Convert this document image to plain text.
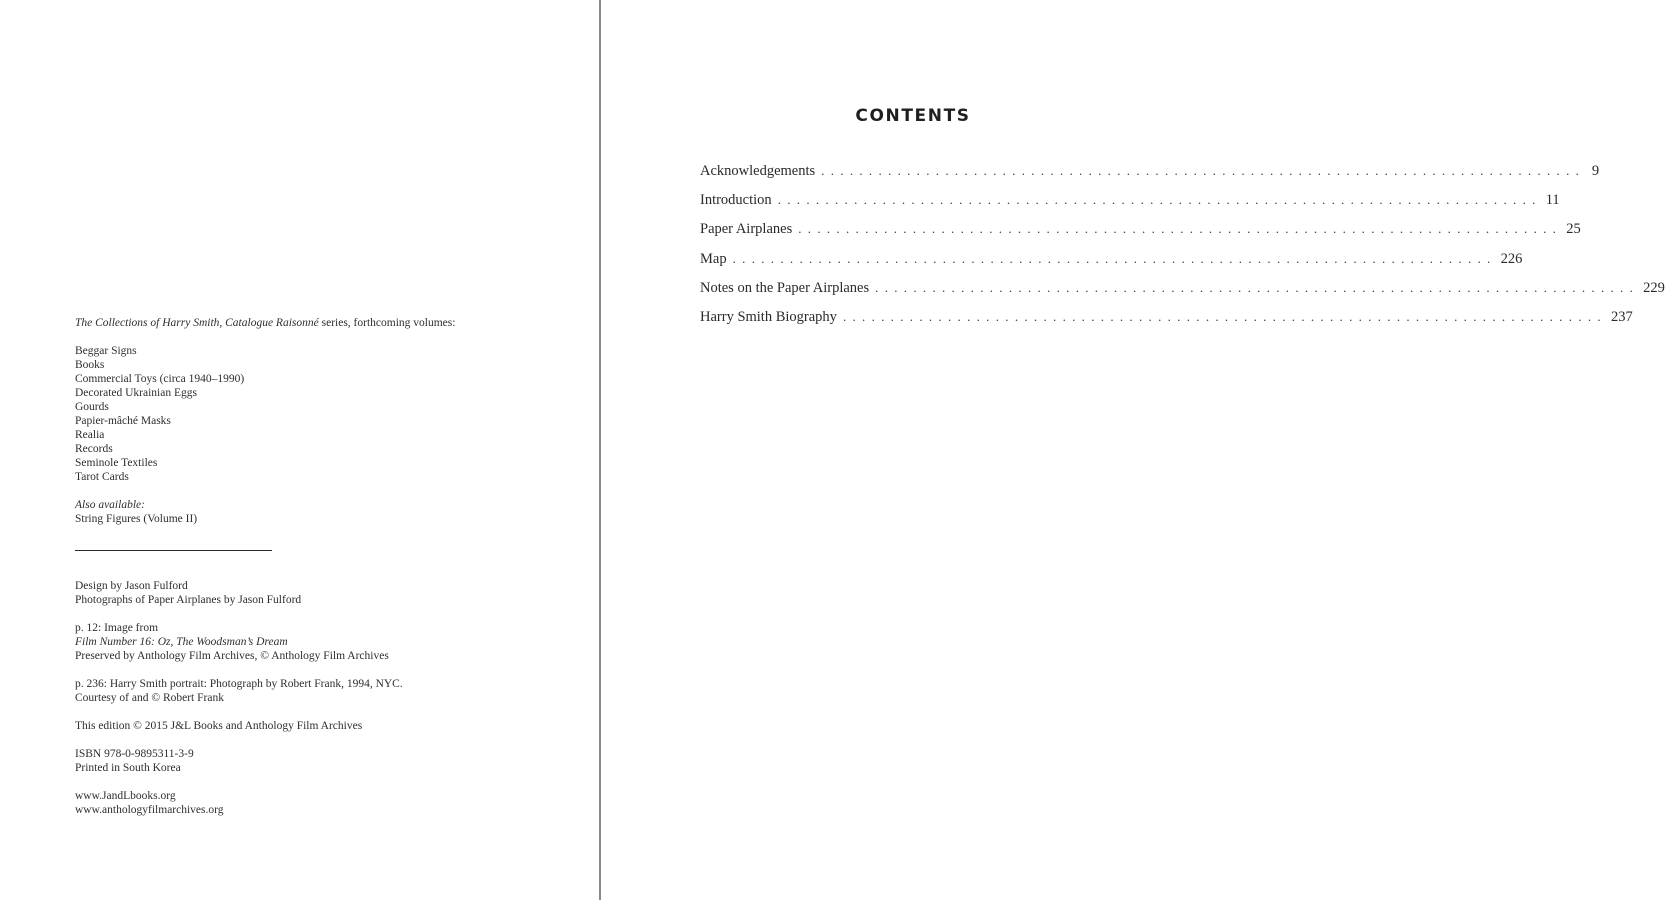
The Collections of Harry Smith, Catalogue Raisonné series, forthcoming volumes:

Beggar Signs
Books
Commercial Toys (circa 1940–1990)
Decorated Ukrainian Eggs
Gourds
Papier-mâché Masks
Realia
Records
Seminole Textiles
Tarot Cards
Also available:
String Figures (Volume II)
Design by Jason Fulford
Photographs of Paper Airplanes by Jason Fulford
p. 12: Image from
Film Number 16: Oz, The Woodsman’s Dream
Preserved by Anthology Film Archives, © Anthology Film Archives
p. 236: Harry Smith portrait: Photograph by Robert Frank, 1994, NYC.
Courtesy of and © Robert Frank
This edition © 2015 J&L Books and Anthology Film Archives
ISBN 978-0-9895311-3-9
Printed in South Korea
www.JandLbooks.org
www.anthologyfilmarchives.org
CONTENTS
Acknowledgements ................................................................................ 9
Introduction ................................................................................ 11
Paper Airplanes ................................................................................ 25
Map ................................................................................ 226
Notes on the Paper Airplanes ................................................................................ 229
Harry Smith Biography ................................................................................ 237
